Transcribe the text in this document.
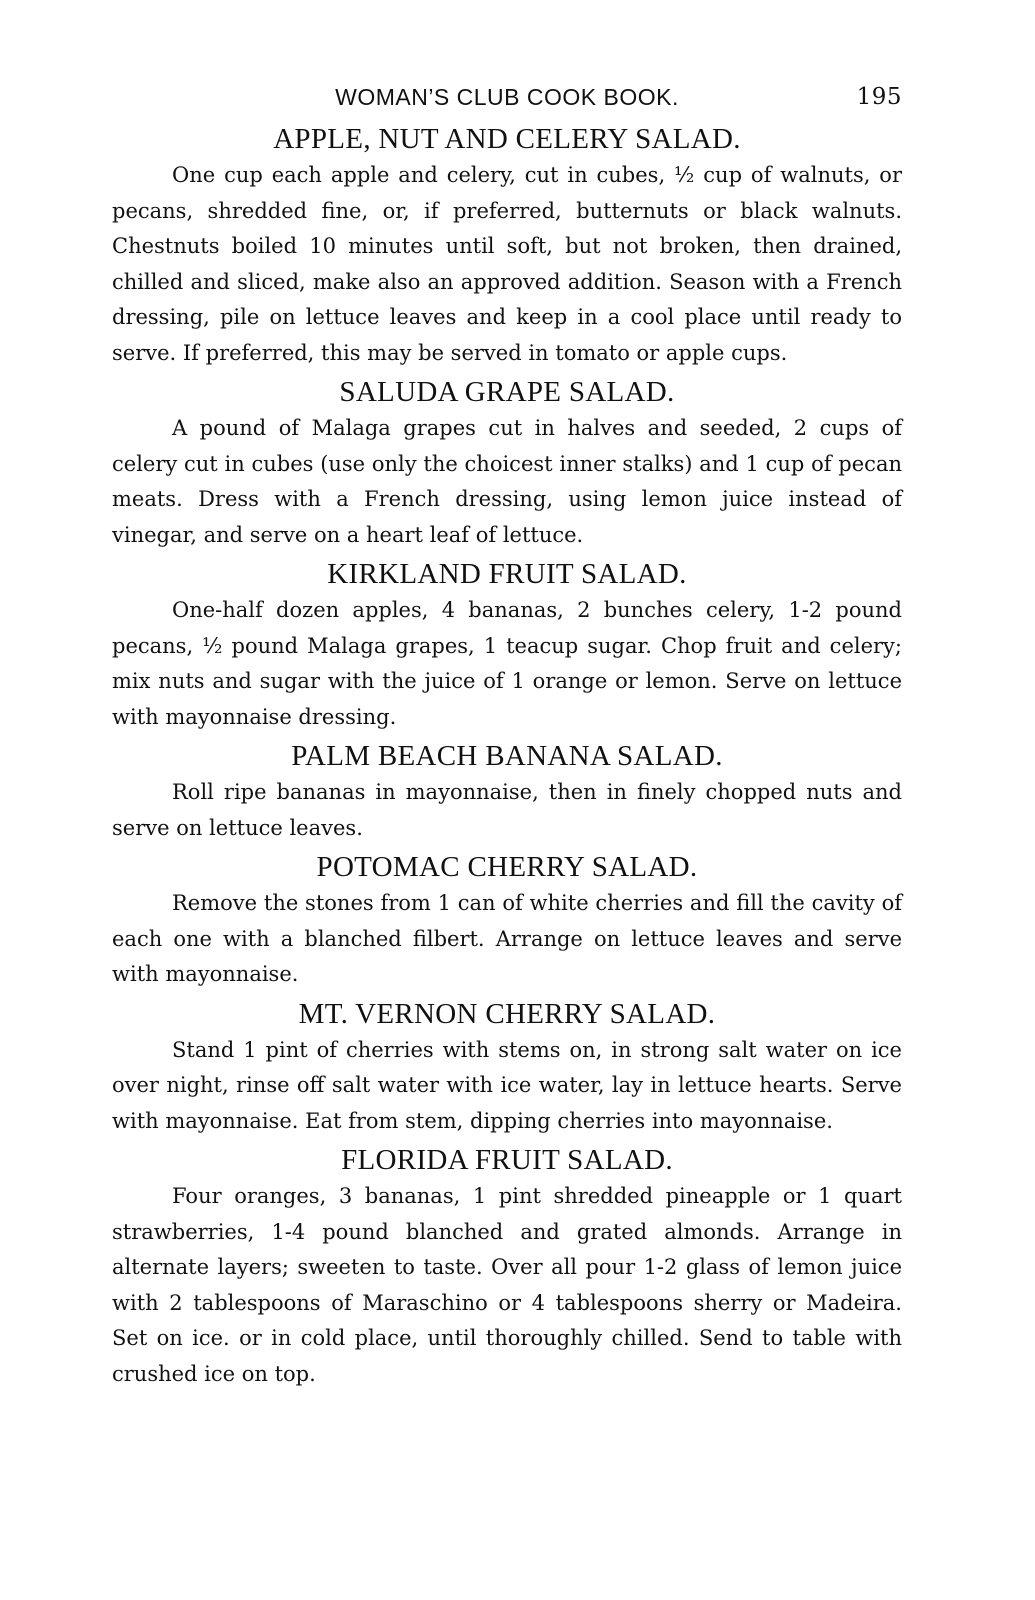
WOMAN’S CLUB COOK BOOK.	195
APPLE, NUT AND CELERY SALAD.

One cup each apple and celery, cut in cubes, ½ cup of walnuts, or pecans, shredded fine, or, if preferred, butternuts or black walnuts. Chestnuts boiled 10 minutes until soft, but not broken, then drained, chilled and sliced, make also an approved addition. Season with a French dressing, pile on lettuce leaves and keep in a cool place until ready to serve. If preferred, this may be served in tomato or apple cups.

SALUDA GRAPE SALAD.

A pound of Malaga grapes cut in halves and seeded, 2 cups of celery cut in cubes (use only the choicest inner stalks) and 1 cup of pecan meats. Dress with a French dressing, using lemon juice instead of vinegar, and serve on a heart leaf of lettuce.

KIRKLAND FRUIT SALAD.

One-half dozen apples, 4 bananas, 2 bunches celery, 1-2 pound pecans, ½ pound Malaga grapes, 1 teacup sugar. Chop fruit and celery; mix nuts and sugar with the juice of 1 orange or lemon. Serve on lettuce with mayonnaise dressing.

PALM BEACH BANANA SALAD.

Roll ripe bananas in mayonnaise, then in finely chopped nuts and serve on lettuce leaves.

POTOMAC CHERRY SALAD.

Remove the stones from 1 can of white cherries and fill the cavity of each one with a blanched filbert. Arrange on lettuce leaves and serve with mayonnaise.

MT. VERNON CHERRY SALAD.

Stand 1 pint of cherries with stems on, in strong salt water on ice over night, rinse off salt water with ice water, lay in lettuce hearts. Serve with mayonnaise. Eat from stem, dipping cherries into mayonnaise.

FLORIDA FRUIT SALAD.

Four oranges, 3 bananas, 1 pint shredded pineapple or 1 quart strawberries, 1-4 pound blanched and grated almonds. Arrange in alternate layers; sweeten to taste. Over all pour 1-2 glass of lemon juice with 2 tablespoons of Maraschino or 4 tablespoons sherry or Madeira. Set on ice. or in cold place, until thoroughly chilled. Send to table with crushed ice on top.
